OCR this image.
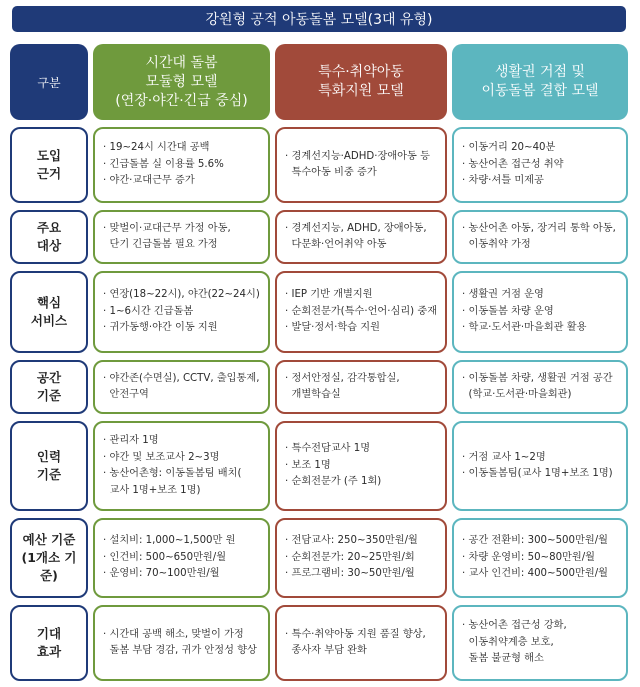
강원형 공적 아동돌봄 모델(3대 유형)
구분
시간대 돌봄
모듈형 모델
(연장·야간·긴급 중심)
특수·취약아동
특화지원 모델
생활권 거점 및
이동돌봄 결합 모델
도입
근거
· 19~24시 시간대 공백
· 긴급돌봄 실 이용률 5.6%
· 야간·교대근무 증가
· 경계선지능·ADHD·장애아동 등
특수아동 비중 증가
· 이동거리 20~40분
· 농산어촌 접근성 취약
· 차량·셔틀 미제공
주요
대상
· 맞벌이·교대근무 가정 아동,
단기 긴급돌봄 필요 가정
· 경계선지능, ADHD, 장애아동,
다문화·언어취약 아동
· 농산어촌 아동, 장거리 통학 아동,
이동취약 가정
핵심
서비스
· 연장(18~22시), 야간(22~24시)
· 1~6시간 긴급돌봄
· 귀가동행·야간 이동 지원
· IEP 기반 개별지원
· 순회전문가(특수·언어·심리) 중재
· 발달·정서·학습 지원
· 생활권 거점 운영
· 이동돌봄 차량 운영
· 학교·도서관·마을회관 활용
공간
기준
· 야간존(수면실), CCTV, 출입통제,
안전구역
· 정서안정실, 감각통합실,
개별학습실
· 이동돌봄 차량, 생활권 거점 공간
(학교·도서관·마을회관)
인력
기준
· 관리자 1명
· 야간 및 보조교사 2~3명
· 농산어촌형: 이동돌봄팀 배치(
교사 1명+보조 1명)
· 특수전담교사 1명
· 보조 1명
· 순회전문가 (주 1회)
· 거점 교사 1~2명
· 이동돌봄팀(교사 1명+보조 1명)
예산 기준
(1개소 기준)
· 설치비: 1,000~1,500만 원
· 인건비: 500~650만원/월
· 운영비: 70~100만원/월
· 전담교사: 250~350만원/월
· 순회전문가: 20~25만원/회
· 프로그램비: 30~50만원/월
· 공간 전환비: 300~500만원/월
· 차량 운영비: 50~80만원/월
· 교사 인건비: 400~500만원/월
기대
효과
· 시간대 공백 해소, 맞벌이 가정
돌봄 부담 경감, 귀가 안정성 향상
· 특수·취약아동 지원 품질 향상,
종사자 부담 완화
· 농산어촌 접근성 강화,
이동취약계층 보호,
돌봄 불균형 해소
